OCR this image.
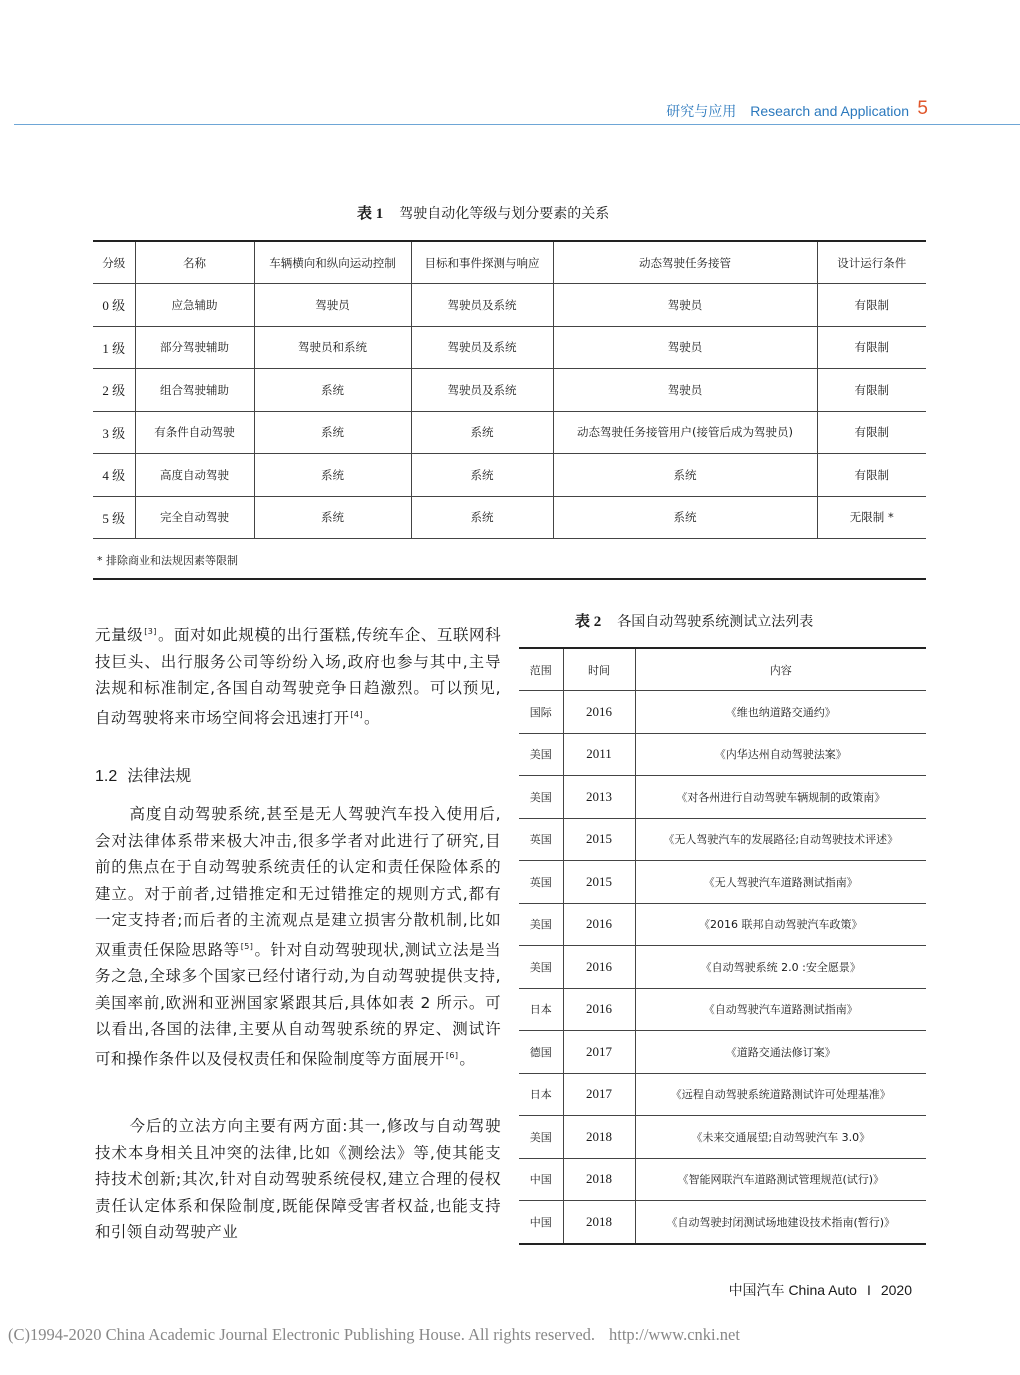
研究与应用 Research and Application 5
表 1 驾驶自动化等级与划分要素的关系
分级	名称	车辆横向和纵向运动控制	目标和事件探测与响应	动态驾驶任务接管	设计运行条件
0 级	应急辅助	驾驶员	驾驶员及系统	驾驶员	有限制
1 级	部分驾驶辅助	驾驶员和系统	驾驶员及系统	驾驶员	有限制
2 级	组合驾驶辅助	系统	驾驶员及系统	驾驶员	有限制
3 级	有条件自动驾驶	系统	系统	动态驾驶任务接管用户(接管后成为驾驶员)	有限制
4 级	高度自动驾驶	系统	系统	系统	有限制
5 级	完全自动驾驶	系统	系统	系统	无限制 *
* 排除商业和法规因素等限制
元量级[3]。面对如此规模的出行蛋糕,传统车企、互联网科技巨头、出行服务公司等纷纷入场,政府也参与其中,主导法规和标准制定,各国自动驾驶竞争日趋激烈。可以预见,自动驾驶将来市场空间将会迅速打开[4]。
1.2 法律法规
高度自动驾驶系统,甚至是无人驾驶汽车投入使用后,会对法律体系带来极大冲击,很多学者对此进行了研究,目前的焦点在于自动驾驶系统责任的认定和责任保险体系的建立。对于前者,过错推定和无过错推定的规则方式,都有一定支持者;而后者的主流观点是建立损害分散机制,比如双重责任保险思路等[5]。针对自动驾驶现状,测试立法是当务之急,全球多个国家已经付诸行动,为自动驾驶提供支持,美国率前,欧洲和亚洲国家紧跟其后,具体如表 2 所示。可以看出,各国的法律,主要从自动驾驶系统的界定、测试许可和操作条件以及侵权责任和保险制度等方面展开[6]。
今后的立法方向主要有两方面:其一,修改与自动驾驶技术本身相关且冲突的法律,比如《测绘法》等,使其能支持技术创新;其次,针对自动驾驶系统侵权,建立合理的侵权责任认定体系和保险制度,既能保障受害者权益,也能支持和引领自动驾驶产业
表 2 各国自动驾驶系统测试立法列表
范围	时间	内容
国际	2016	《维也纳道路交通约》
美国	2011	《内华达州自动驾驶法案》
美国	2013	《对各州进行自动驾驶车辆规制的政策南》
英国	2015	《无人驾驶汽车的发展路径;自动驾驶技术评述》
英国	2015	《无人驾驶汽车道路测试指南》
美国	2016	《2016 联邦自动驾驶汽车政策》
美国	2016	《自动驾驶系统 2.0 :安全愿景》
日本	2016	《自动驾驶汽车道路测试指南》
德国	2017	《道路交通法修订案》
日本	2017	《远程自动驾驶系统道路测试许可处理基准》
美国	2018	《未来交通展望;自动驾驶汽车 3.0》
中国	2018	《智能网联汽车道路测试管理规范(试行)》
中国	2018	《自动驾驶封闭测试场地建设技术指南(暂行)》
中国汽车 China Auto I 2020
(C)1994-2020 China Academic Journal Electronic Publishing House. All rights reserved. http://www.cnki.net
